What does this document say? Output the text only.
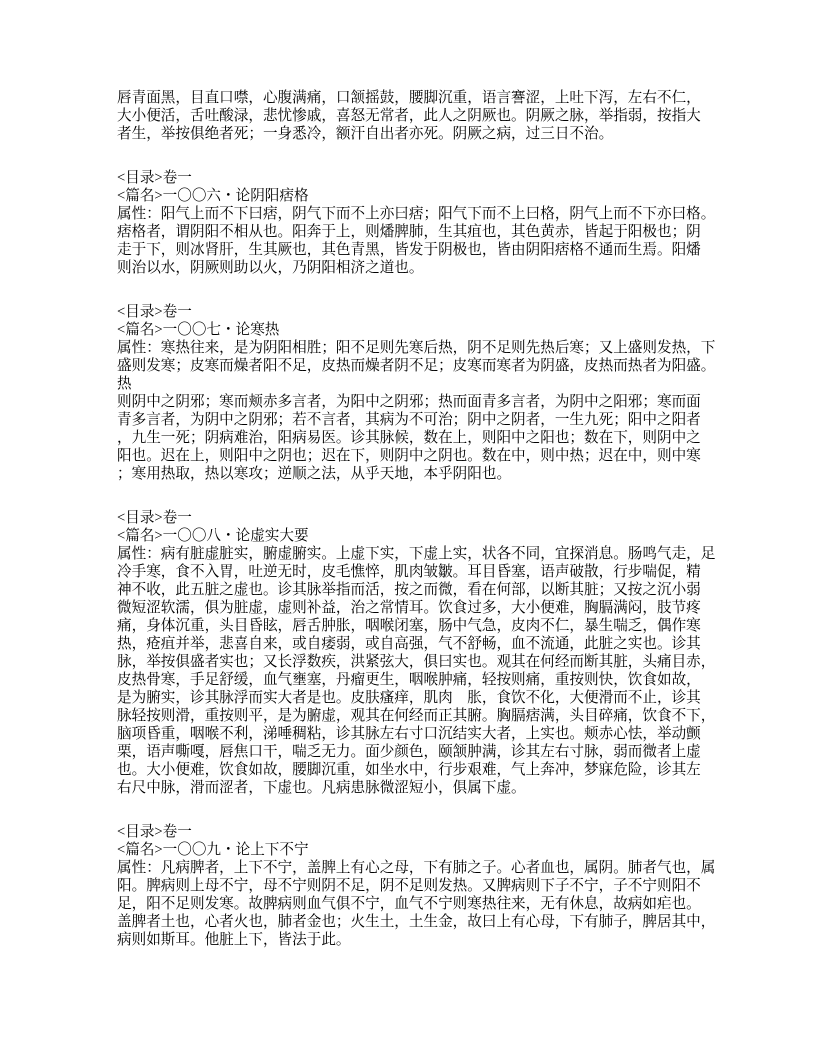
唇青面黑，目直口噤，心腹满痛，口颔摇鼓，腰脚沉重，语言謇涩，上吐下泻，左右不仁，
大小便活，舌吐酸渌，悲忧惨戚，喜怒无常者，此人之阴厥也。阴厥之脉，举指弱，按指大
者生，举按俱绝者死；一身悉冷，额汗自出者亦死。阴厥之病，过三日不治。
<目录>卷一
<篇名>一〇〇六・论阴阳痞格
属性：阳气上而不下曰痞，阴气下而不上亦曰痞；阳气下而不上曰格，阴气上而不下亦曰格。
痞格者，谓阴阳不相从也。阳奔于上，则燔脾肺，生其疽也，其色黄赤，皆起于阳极也；阴
走于下，则冰肾肝，生其厥也，其色青黑，皆发于阴极也，皆由阴阳痞格不通而生焉。阳燔
则治以水，阴厥则助以火，乃阴阳相济之道也。
<目录>卷一
<篇名>一〇〇七・论寒热
属性：寒热往来，是为阴阳相胜；阳不足则先寒后热，阴不足则先热后寒；又上盛则发热，下
盛则发寒；皮寒而燥者阳不足，皮热而燥者阴不足；皮寒而寒者为阴盛，皮热而热者为阳盛。
热
则阴中之阴邪；寒而颊赤多言者，为阳中之阴邪；热而面青多言者，为阴中之阳邪；寒而面
青多言者，为阴中之阴邪；若不言者，其病为不可治；阴中之阴者，一生九死；阳中之阳者
，九生一死；阴病难治，阳病易医。诊其脉候，数在上，则阳中之阳也；数在下，则阴中之
阳也。迟在上，则阳中之阴也；迟在下，则阴中之阴也。数在中，则中热；迟在中，则中寒
；寒用热取，热以寒攻；逆顺之法，从乎天地，本乎阴阳也。
<目录>卷一
<篇名>一〇〇八・论虚实大要
属性：病有脏虚脏实，腑虚腑实。上虚下实，下虚上实，状各不同，宜探消息。肠鸣气走，足
冷手寒，食不入胃，吐逆无时，皮毛憔悴，肌肉皱皺。耳目昏塞，语声破散，行步喘促，精
神不收，此五脏之虚也。诊其脉举指而活，按之而微，看在何部，以断其脏；又按之沉小弱
微短涩软濡，俱为脏虚，虚则补益，治之常情耳。饮食过多，大小便难，胸膈满闷，肢节疼
痛，身体沉重，头目昏眩，唇舌肿胀，咽喉闭塞，肠中气急，皮肉不仁，暴生喘乏，偶作寒
热，疮疽并举，悲喜自来，或自痿弱，或自高强，气不舒畅，血不流通，此脏之实也。诊其
脉，举按俱盛者实也；又长浮数疾，洪紧弦大，俱曰实也。观其在何经而断其脏，头痛目赤，
皮热骨寒，手足舒缓，血气壅塞，丹瘤更生，咽喉肿痛，轻按则痛，重按则快，饮食如故，
是为腑实，诊其脉浮而实大者是也。皮肤瘙痒，肌肉　胀，食饮不化，大便滑而不止，诊其
脉轻按则滑，重按则平，是为腑虚，观其在何经而正其腑。胸膈痞满，头目碎痛，饮食不下，
脑项昏重，咽喉不利，涕唾稠粘，诊其脉左右寸口沉结实大者，上实也。颊赤心怯，举动颤
栗，语声嘶嘎，唇焦口干，喘乏无力。面少颜色，颐颔肿满，诊其左右寸脉，弱而微者上虚
也。大小便难，饮食如故，腰脚沉重，如坐水中，行步艰难，气上奔冲，梦寐危险，诊其左
右尺中脉，滑而涩者，下虚也。凡病患脉微涩短小，俱属下虚。
<目录>卷一
<篇名>一〇〇九・论上下不宁
属性：凡病脾者，上下不宁，盖脾上有心之母，下有肺之子。心者血也，属阴。肺者气也，属
阳。脾病则上母不宁，母不宁则阴不足，阴不足则发热。又脾病则下子不宁，子不宁则阳不
足，阳不足则发寒。故脾病则血气俱不宁，血气不宁则寒热往来，无有休息，故病如疟也。
盖脾者土也，心者火也，肺者金也；火生土，土生金，故曰上有心母，下有肺子，脾居其中，
病则如斯耳。他脏上下，皆法于此。
